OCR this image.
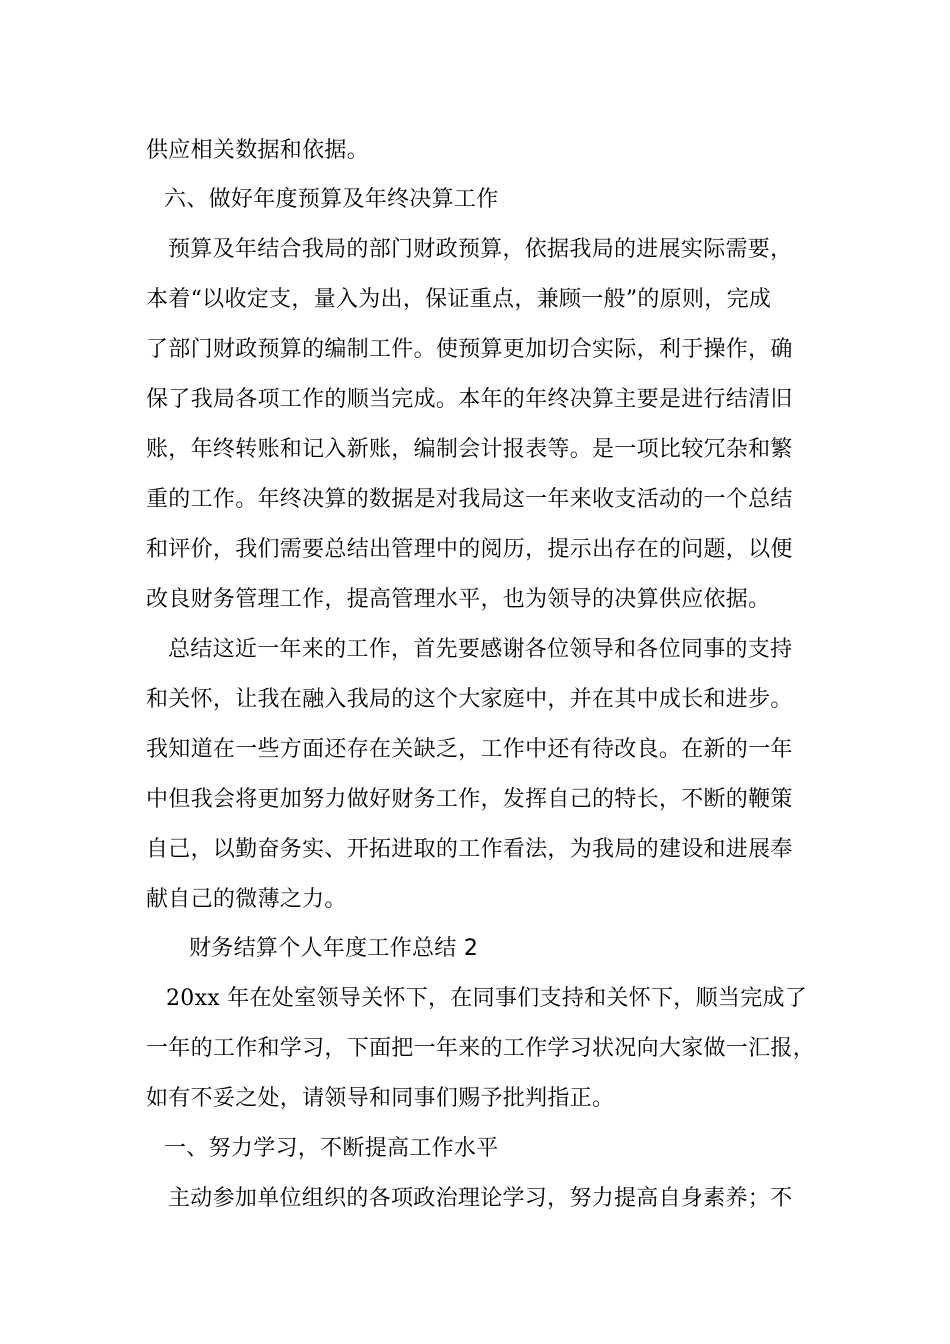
供应相关数据和依据。
六、做好年度预算及年终决算工作
预算及年结合我局的部门财政预算，依据我局的进展实际需要，
本着“以收定支，量入为出，保证重点，兼顾一般”的原则，完成
了部门财政预算的编制工件。使预算更加切合实际，利于操作，确
保了我局各项工作的顺当完成。本年的年终决算主要是进行结清旧
账，年终转账和记入新账，编制会计报表等。是一项比较冗杂和繁
重的工作。年终决算的数据是对我局这一年来收支活动的一个总结
和评价，我们需要总结出管理中的阅历，提示出存在的问题，以便
改良财务管理工作，提高管理水平，也为领导的决算供应依据。
总结这近一年来的工作，首先要感谢各位领导和各位同事的支持
和关怀，让我在融入我局的这个大家庭中，并在其中成长和进步。
我知道在一些方面还存在关缺乏，工作中还有待改良。在新的一年
中但我会将更加努力做好财务工作，发挥自己的特长，不断的鞭策
自己，以勤奋务实、开拓进取的工作看法，为我局的建设和进展奉
献自己的微薄之力。
财务结算个人年度工作总结 2
20xx 年在处室领导关怀下，在同事们支持和关怀下，顺当完成了
一年的工作和学习，下面把一年来的工作学习状况向大家做一汇报，
如有不妥之处，请领导和同事们赐予批判指正。
一、努力学习，不断提高工作水平
主动参加单位组织的各项政治理论学习，努力提高自身素养；不
